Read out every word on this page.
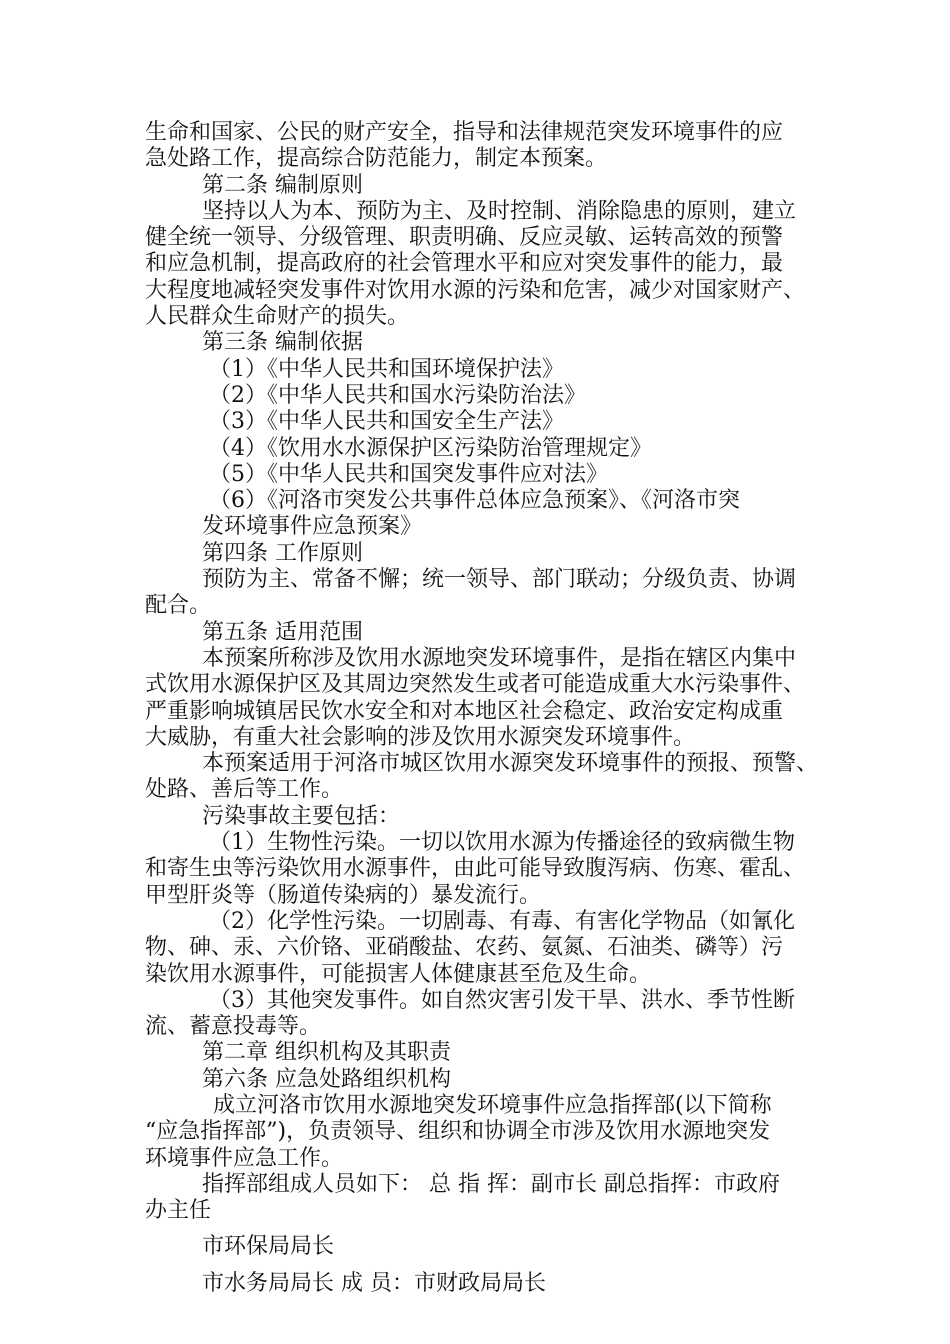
生命和国家、公民的财产安全，指导和法律规范突发环境事件的应
急处路工作，提高综合防范能力，制定本预案。
第二条 编制原则
坚持以人为本、预防为主、及时控制、消除隐患的原则，建立
健全统一领导、分级管理、职责明确、反应灵敏、运转高效的预警
和应急机制，提高政府的社会管理水平和应对突发事件的能力，最
大程度地减轻突发事件对饮用水源的污染和危害，减少对国家财产、
人民群众生命财产的损失。
第三条 编制依据
（1）《中华人民共和国环境保护法》
（2）《中华人民共和国水污染防治法》
（3）《中华人民共和国安全生产法》
（4）《饮用水水源保护区污染防治管理规定》
（5）《中华人民共和国突发事件应对法》
（6）《河洛市突发公共事件总体应急预案》、《河洛市突
发环境事件应急预案》
第四条 工作原则
预防为主、常备不懈；统一领导、部门联动；分级负责、协调
配合。
第五条 适用范围
本预案所称涉及饮用水源地突发环境事件，是指在辖区内集中
式饮用水源保护区及其周边突然发生或者可能造成重大水污染事件、
严重影响城镇居民饮水安全和对本地区社会稳定、政治安定构成重
大威胁，有重大社会影响的涉及饮用水源突发环境事件。
本预案适用于河洛市城区饮用水源突发环境事件的预报、预警、
处路、善后等工作。
污染事故主要包括：
（1）生物性污染。一切以饮用水源为传播途径的致病微生物
和寄生虫等污染饮用水源事件，由此可能导致腹泻病、伤寒、霍乱、
甲型肝炎等（肠道传染病的）暴发流行。
（2）化学性污染。一切剧毒、有毒、有害化学物品（如氰化
物、砷、汞、六价铬、亚硝酸盐、农药、氨氮、石油类、磷等）污
染饮用水源事件，可能损害人体健康甚至危及生命。
（3）其他突发事件。如自然灾害引发干旱、洪水、季节性断
流、蓄意投毒等。
第二章 组织机构及其职责
第六条 应急处路组织机构
成立河洛市饮用水源地突发环境事件应急指挥部(以下简称
“应急指挥部”)，负责领导、组织和协调全市涉及饮用水源地突发
环境事件应急工作。
指挥部组成人员如下： 总 指 挥：副市长 副总指挥：市政府
办主任
市环保局局长
市水务局局长 成 员：市财政局局长
